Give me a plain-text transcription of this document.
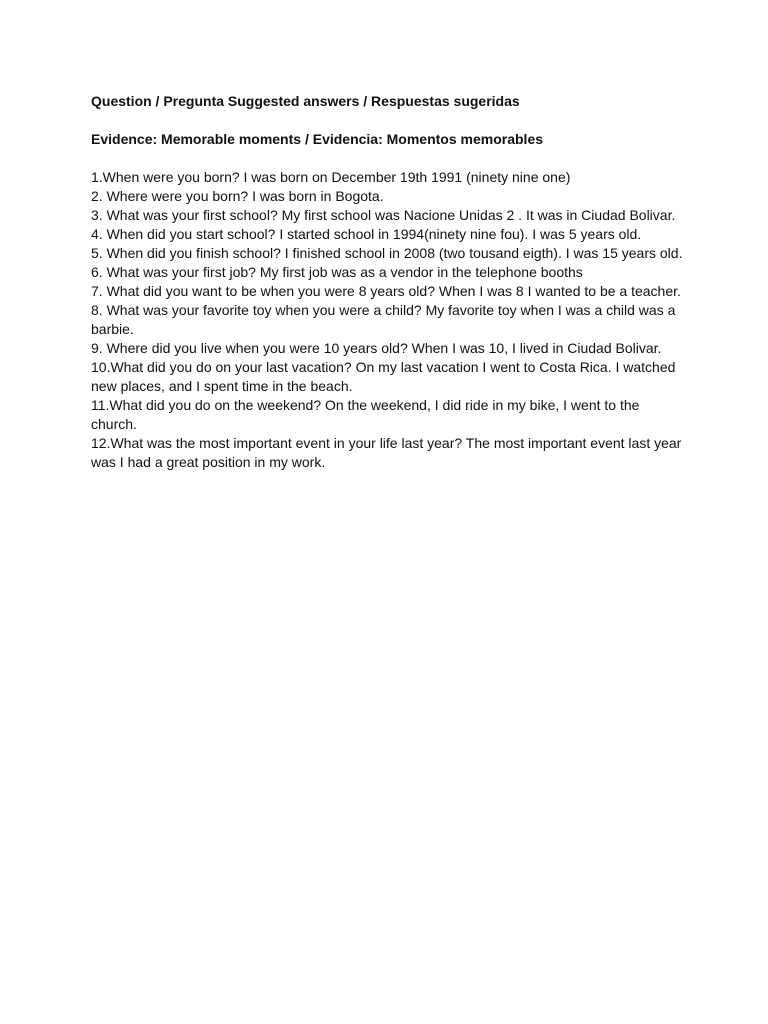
Question / Pregunta Suggested answers / Respuestas sugeridas

Evidence: Memorable moments / Evidencia: Momentos memorables

1.When were you born? I was born on December 19th 1991 (ninety nine one)
2. Where were you born? I was born in Bogota.
3. What was your first school? My first school was Nacione Unidas 2 . It was in Ciudad Bolivar.
4. When did you start school? I started school in 1994(ninety nine fou). I was 5 years old.
5. When did you finish school? I finished school in 2008 (two tousand eigth). I was 15 years old.
6. What was your first job? My first job was as a vendor in the telephone booths
7. What did you want to be when you were 8 years old? When I was 8 I wanted to be a teacher.
8. What was your favorite toy when you were a child? My favorite toy when I was a child was a barbie.
9. Where did you live when you were 10 years old? When I was 10, I lived in Ciudad Bolivar.
10.What did you do on your last vacation? On my last vacation I went to Costa Rica. I watched new places, and I spent time in the beach.
11.What did you do on the weekend? On the weekend, I did ride in my bike, I went to the church.
12.What was the most important event in your life last year? The most important event last year was I had a great position in my work.
